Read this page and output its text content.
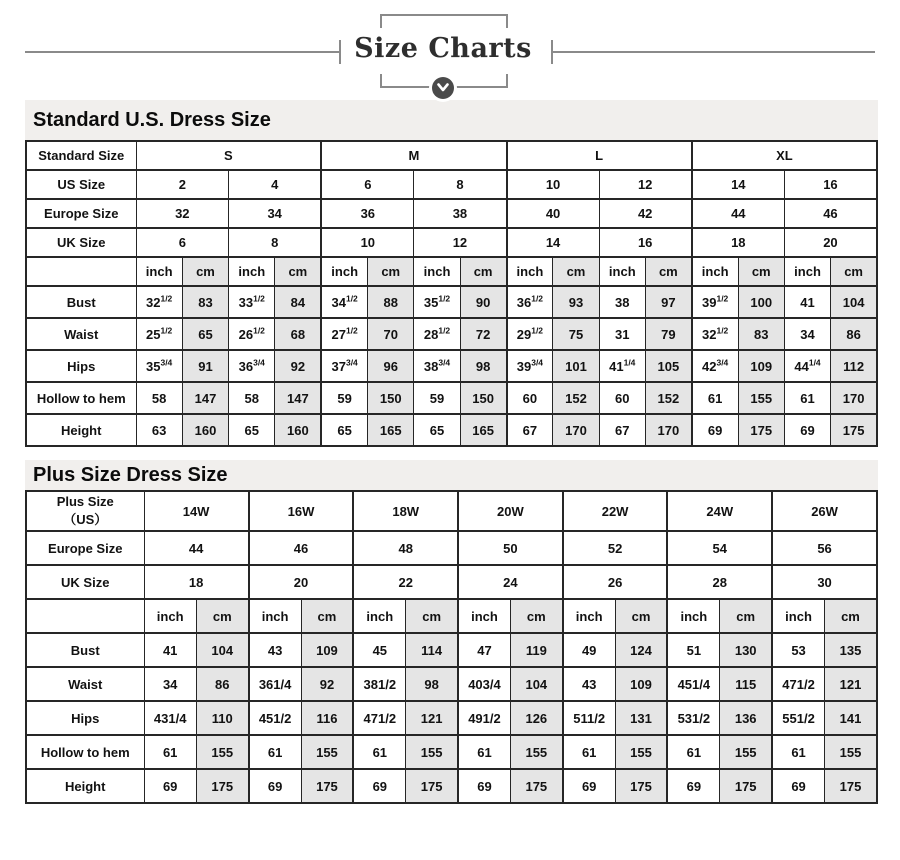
Size Charts
Standard U.S. Dress Size
Standard Size	S				M				L				XL			
US Size	2		4		6		8		10		12		14		16	
Europe Size	32		34		36		38		40		42		44		46	
UK Size	6		8		10		12		14		16		18		20	
	inch	cm	inch	cm	inch	cm	inch	cm	inch	cm	inch	cm	inch	cm	inch	cm
Bust	$32^{1/2}$	83	$33^{1/2}$	84	$34^{1/2}$	88	$35^{1/2}$	90	$36^{1/2}$	93	38	97	$39^{1/2}$	100	41	104
Waist	$25^{1/2}$	65	$26^{1/2}$	68	$27^{1/2}$	70	$28^{1/2}$	72	$29^{1/2}$	75	31	79	$32^{1/2}$	83	34	86
Hips	$35^{3/4}$	91	$36^{3/4}$	92	$37^{3/4}$	96	$38^{3/4}$	98	$39^{3/4}$	101	$41^{1/4}$	105	$42^{3/4}$	109	$44^{1/4}$	112
Hollow to hem	58	147	58	147	59	150	59	150	60	152	60	152	61	155	61	170
Height	63	160	65	160	65	165	65	165	67	170	67	170	69	175	69	175
Plus Size Dress Size
Plus Size
（US）	14W		16W		18W		20W		22W		24W		26W	
Europe Size	44		46		48		50		52		54		56	
UK Size	18		20		22		24		26		28		30	
	inch	cm	inch	cm	inch	cm	inch	cm	inch	cm	inch	cm	inch	cm
Bust	41	104	43	109	45	114	47	119	49	124	51	130	53	135
Waist	34	86	361/4	92	381/2	98	403/4	104	43	109	451/4	115	471/2	121
Hips	431/4	110	451/2	116	471/2	121	491/2	126	511/2	131	531/2	136	551/2	141
Hollow to hem	61	155	61	155	61	155	61	155	61	155	61	155	61	155
Height	69	175	69	175	69	175	69	175	69	175	69	175	69	175
